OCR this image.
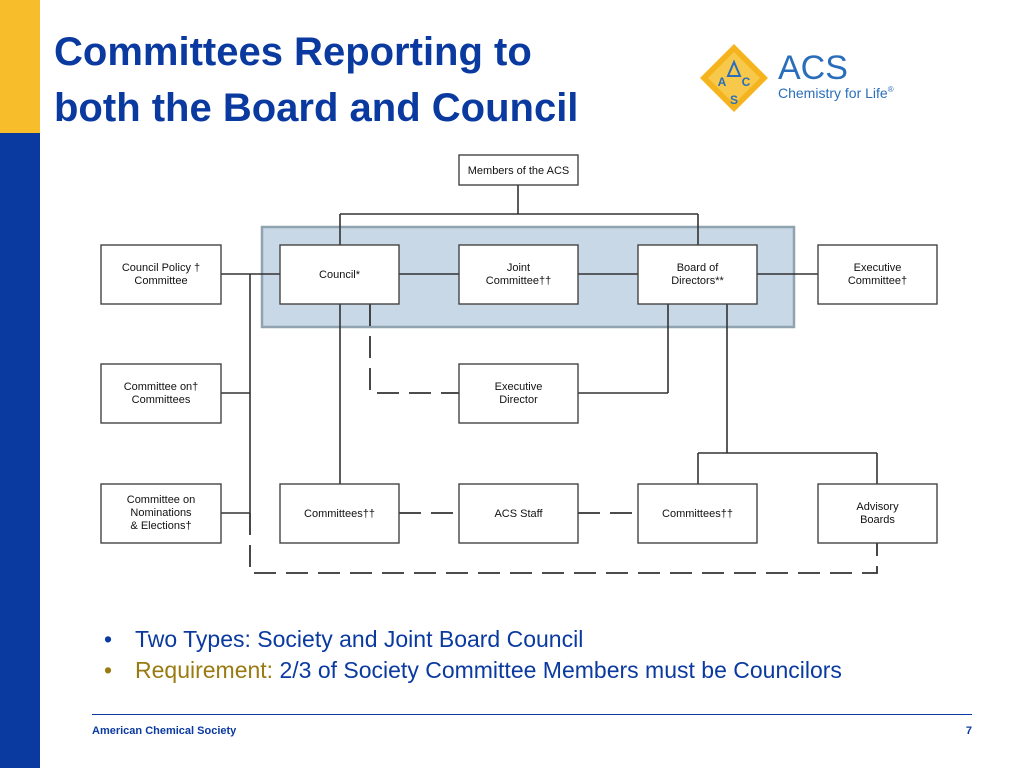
Committees Reporting to
both the Board and Council
A C
S
ACS
Chemistry for Life®
Members of the ACS
Council Policy † Committee	Council*
Joint Committee††
Board of Directors**
Executive Committee†
Committee on† Committees
Executive Director
Committee on Nominations & Elections†
Committees††	ACS Staff	Committees††
Advisory Boards
• Two Types: Society and Joint Board Council
• Requirement: 2/3 of Society Committee Members must be Councilors
American Chemical Society	7
